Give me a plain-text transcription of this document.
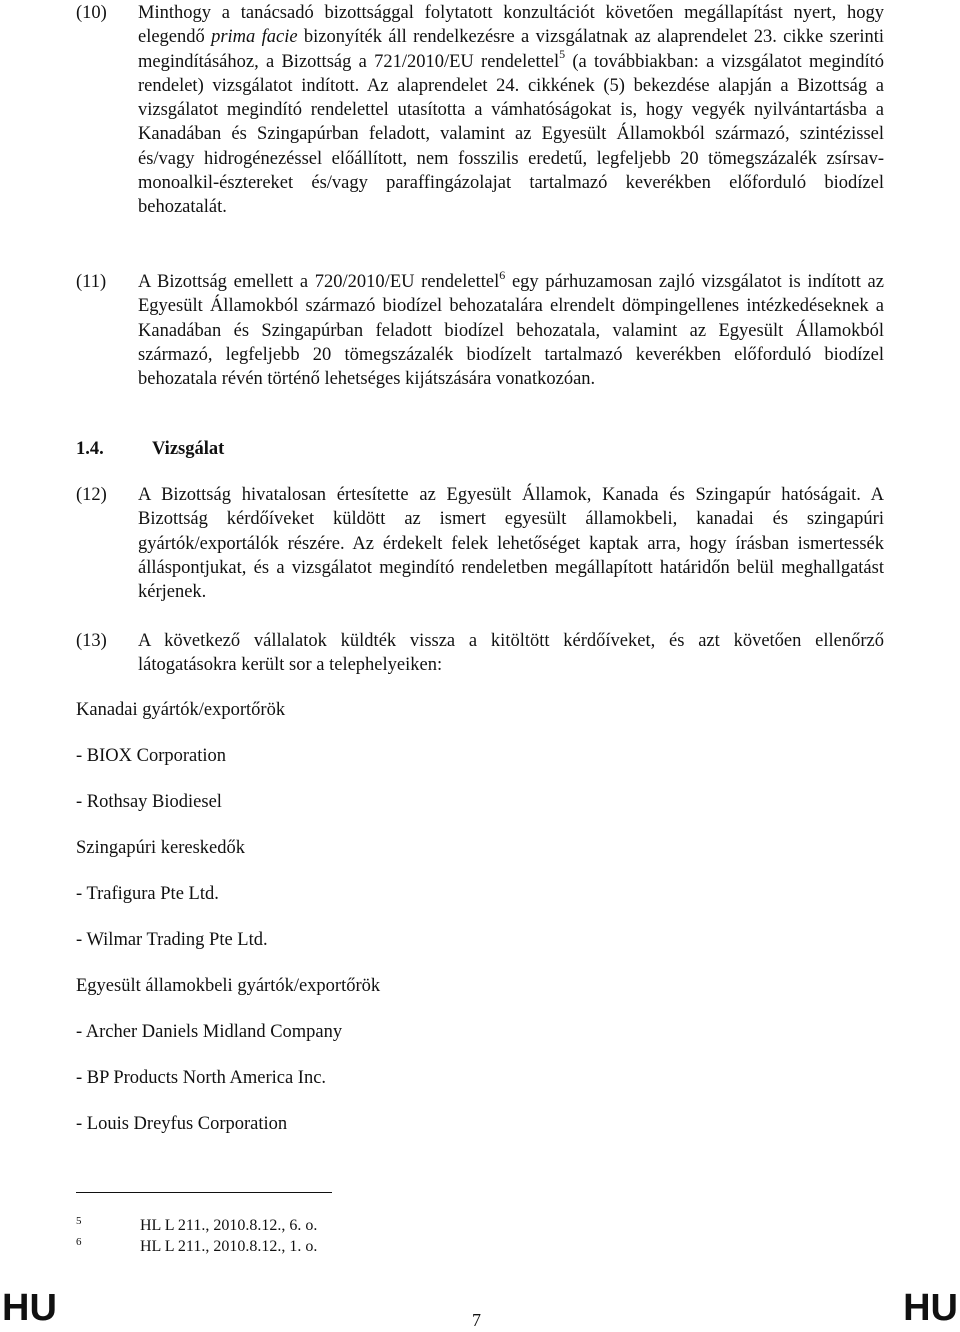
(10) Minthogy a tanácsadó bizottsággal folytatott konzultációt követően megállapítást nyert, hogy elegendő prima facie bizonyíték áll rendelkezésre a vizsgálatnak az alaprendelet 23. cikke szerinti megindításához, a Bizottság a 721/2010/EU rendelettel$^5$ (a továbbiakban: a vizsgálatot megindító rendelet) vizsgálatot indított. Az alaprendelet 24. cikkének (5) bekezdése alapján a Bizottság a vizsgálatot megindító rendelettel utasította a vámhatóságokat is, hogy vegyék nyilvántartásba a Kanadában és Szingapúrban feladott, valamint az Egyesült Államokból származó, szintézissel és/vagy hidrogénezéssel előállított, nem fosszilis eredetű, legfeljebb 20 tömegszázalék zsírsav-monoalkil-észtereket és/vagy paraffingázolajat tartalmazó keverékben előforduló biodízel behozatalát.
(11) A Bizottság emellett a 720/2010/EU rendelettel$^6$ egy párhuzamosan zajló vizsgálatot is indított az Egyesült Államokból származó biodízel behozatalára elrendelt dömpingellenes intézkedéseknek a Kanadában és Szingapúrban feladott biodízel behozatala, valamint az Egyesült Államokból származó, legfeljebb 20 tömegszázalék biodízelt tartalmazó keverékben előforduló biodízel behozatala révén történő lehetséges kijátszására vonatkozóan.
1.4.	Vizsgálat
(12) A Bizottság hivatalosan értesítette az Egyesült Államok, Kanada és Szingapúr hatóságait. A Bizottság kérdőíveket küldött az ismert egyesült államokbeli, kanadai és szingapúri gyártók/exportálók részére. Az érdekelt felek lehetőséget kaptak arra, hogy írásban ismertessék álláspontjukat, és a vizsgálatot megindító rendeletben megállapított határidőn belül meghallgatást kérjenek.
(13) A következő vállalatok küldték vissza a kitöltött kérdőíveket, és azt követően ellenőrző látogatásokra került sor a telephelyeiken:
Kanadai gyártók/exportőrök
- BIOX Corporation
- Rothsay Biodiesel
Szingapúri kereskedők
- Trafigura Pte Ltd.
- Wilmar Trading Pte Ltd.
Egyesült államokbeli gyártók/exportőrök
- Archer Daniels Midland Company
- BP Products North America Inc.
- Louis Dreyfus Corporation
5	HL L 211., 2010.8.12., 6. o.
6	HL L 211., 2010.8.12., 1. o.
HU	7	HU
